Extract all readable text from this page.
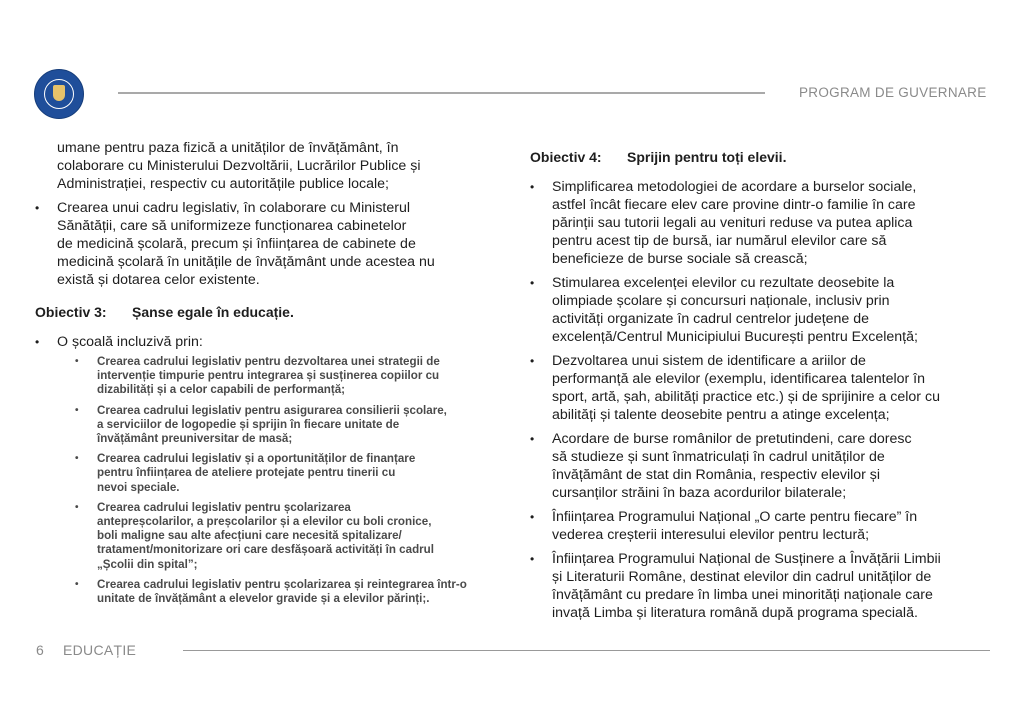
PROGRAM DE GUVERNARE
umane pentru paza fizică a unităților de învățământ, în
colaborare cu Ministerului Dezvoltării, Lucrărilor Publice și
Administrației, respectiv cu autoritățile publice locale;
• Crearea unui cadru legislativ, în colaborare cu Ministerul
Sănătății, care să uniformizeze funcționarea cabinetelor
de medicină școlară, precum și înființarea de cabinete de
medicină școlară în unitățile de învățământ unde acestea nu
există și dotarea celor existente.
Obiectiv 3:	Șanse egale în educație.
• O școală incluzivă prin:
• Crearea cadrului legislativ pentru dezvoltarea unei strategii de
intervenție timpurie pentru integrarea și susținerea copiilor cu
dizabilități și a celor capabili de performanță;
• Crearea cadrului legislativ pentru asigurarea consilierii școlare,
a serviciilor de logopedie și sprijin în fiecare unitate de
învățământ preuniversitar de masă;
• Crearea cadrului legislativ și a oportunităților de finanțare
pentru înființarea de ateliere protejate pentru tinerii cu
nevoi speciale.
• Crearea cadrului legislativ pentru școlarizarea
antepreșcolarilor, a preșcolarilor și a elevilor cu boli cronice,
boli maligne sau alte afecțiuni care necesită spitalizare/
tratament/monitorizare ori care desfășoară activități în cadrul
„Școlii din spital”;
• Crearea cadrului legislativ pentru școlarizarea și reintegrarea într-o
unitate de învățământ a elevelor gravide și a elevilor părinți;.
Obiectiv 4:	Sprijin pentru toți elevii.
• Simplificarea metodologiei de acordare a burselor sociale,
astfel încât fiecare elev care provine dintr-o familie în care
părinții sau tutorii legali au venituri reduse va putea aplica
pentru acest tip de bursă, iar numărul elevilor care să
beneficieze de burse sociale să crească;
• Stimularea excelenței elevilor cu rezultate deosebite la
olimpiade școlare și concursuri naționale, inclusiv prin
activități organizate în cadrul centrelor județene de
excelență/Centrul Municipiului București pentru Excelență;
• Dezvoltarea unui sistem de identificare a ariilor de
performanță ale elevilor (exemplu, identificarea talentelor în
sport, artă, șah, abilități practice etc.) și de sprijinire a celor cu
abilități și talente deosebite pentru a atinge excelența;
• Acordare de burse românilor de pretutindeni, care doresc
să studieze și sunt înmatriculați în cadrul unităților de
învățământ de stat din România, respectiv elevilor și
cursanților străini în baza acordurilor bilaterale;
• Înființarea Programului Național „O carte pentru fiecare” în
vederea creșterii interesului elevilor pentru lectură;
• Înființarea Programului Național de Susținere a Învățării Limbii
și Literaturii Române, destinat elevilor din cadrul unităților de
învățământ cu predare în limba unei minorități naționale care
invață Limba și literatura română după programa specială.
6 EDUCAȚIE
